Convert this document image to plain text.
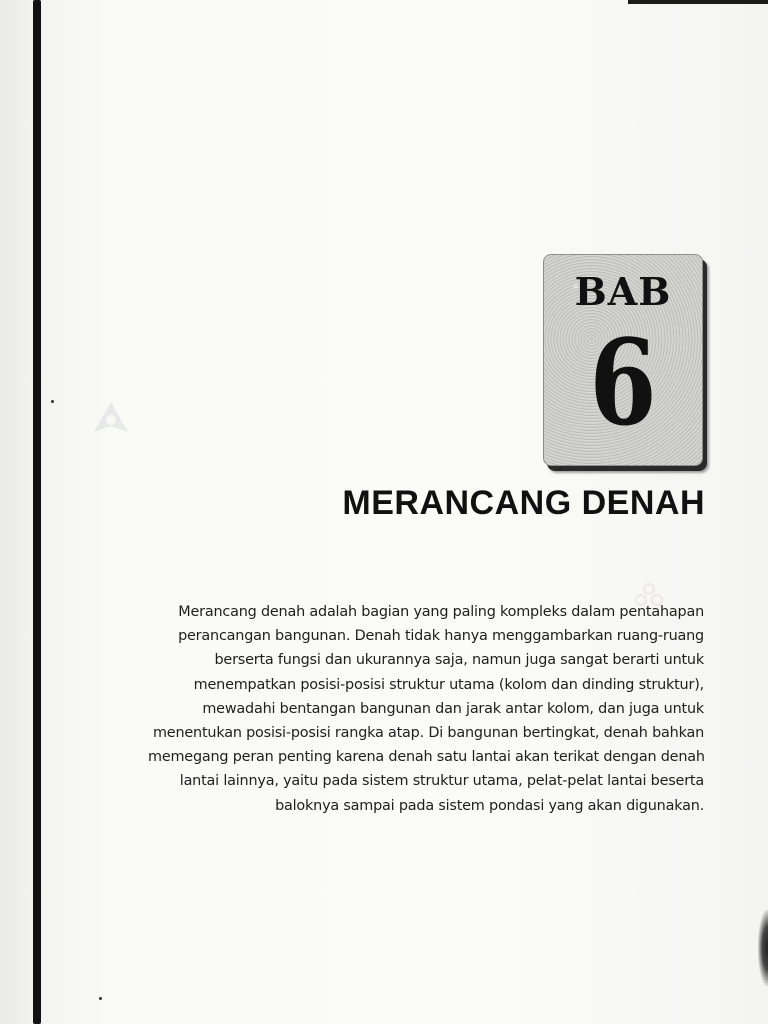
BAB
6
MERANCANG DENAH
Merancang denah adalah bagian yang paling kompleks dalam pentahapan
perancangan bangunan. Denah tidak hanya menggambarkan ruang-ruang
berserta fungsi dan ukurannya saja, namun juga sangat berarti untuk
menempatkan posisi-posisi struktur utama (kolom dan dinding struktur),
mewadahi bentangan bangunan dan jarak antar kolom, dan juga untuk
menentukan posisi-posisi rangka atap. Di bangunan bertingkat, denah bahkan
memegang peran penting karena denah satu lantai akan terikat dengan denah
lantai lainnya, yaitu pada sistem struktur utama, pelat-pelat lantai beserta
baloknya sampai pada sistem pondasi yang akan digunakan.
